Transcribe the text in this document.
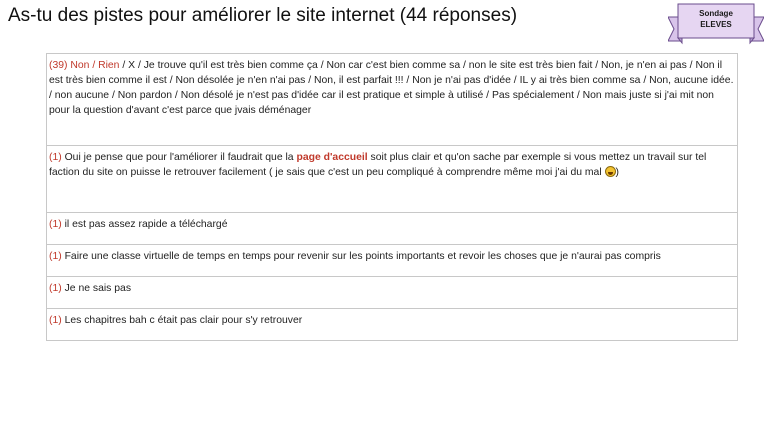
As-tu des pistes pour améliorer le site internet (44 réponses)	Sondage
ELEVES
(39) Non / Rien / X / Je trouve qu'il est très bien comme ça / Non car c'est bien comme sa / non le site est très bien fait / Non, je n'en ai pas / Non il est très bien comme il est / Non désolée je n'en n'ai pas / Non, il est parfait !!! / Non je n'ai pas d'idée / IL y ai très bien comme sa / Non, aucune idée. / non aucune / Non pardon / Non désolé je n'est pas d'idée car il est pratique et simple à utilisé / Pas spécialement / Non mais juste si j'ai mit non pour la question d'avant c'est parce que jvais déménager
(1) Oui je pense que pour l'améliorer il faudrait que la page d'accueil soit plus clair et qu'on sache par exemple si vous mettez un travail sur tel faction du site on puisse le retrouver facilement ( je sais que c'est un peu compliqué à comprendre même moi j'ai du mal )
(1) il est pas assez rapide a téléchargé
(1) Faire une classe virtuelle de temps en temps pour revenir sur les points importants et revoir les choses que je n'aurai pas compris
(1) Je ne sais pas
(1) Les chapitres bah c était pas clair pour s'y retrouver
